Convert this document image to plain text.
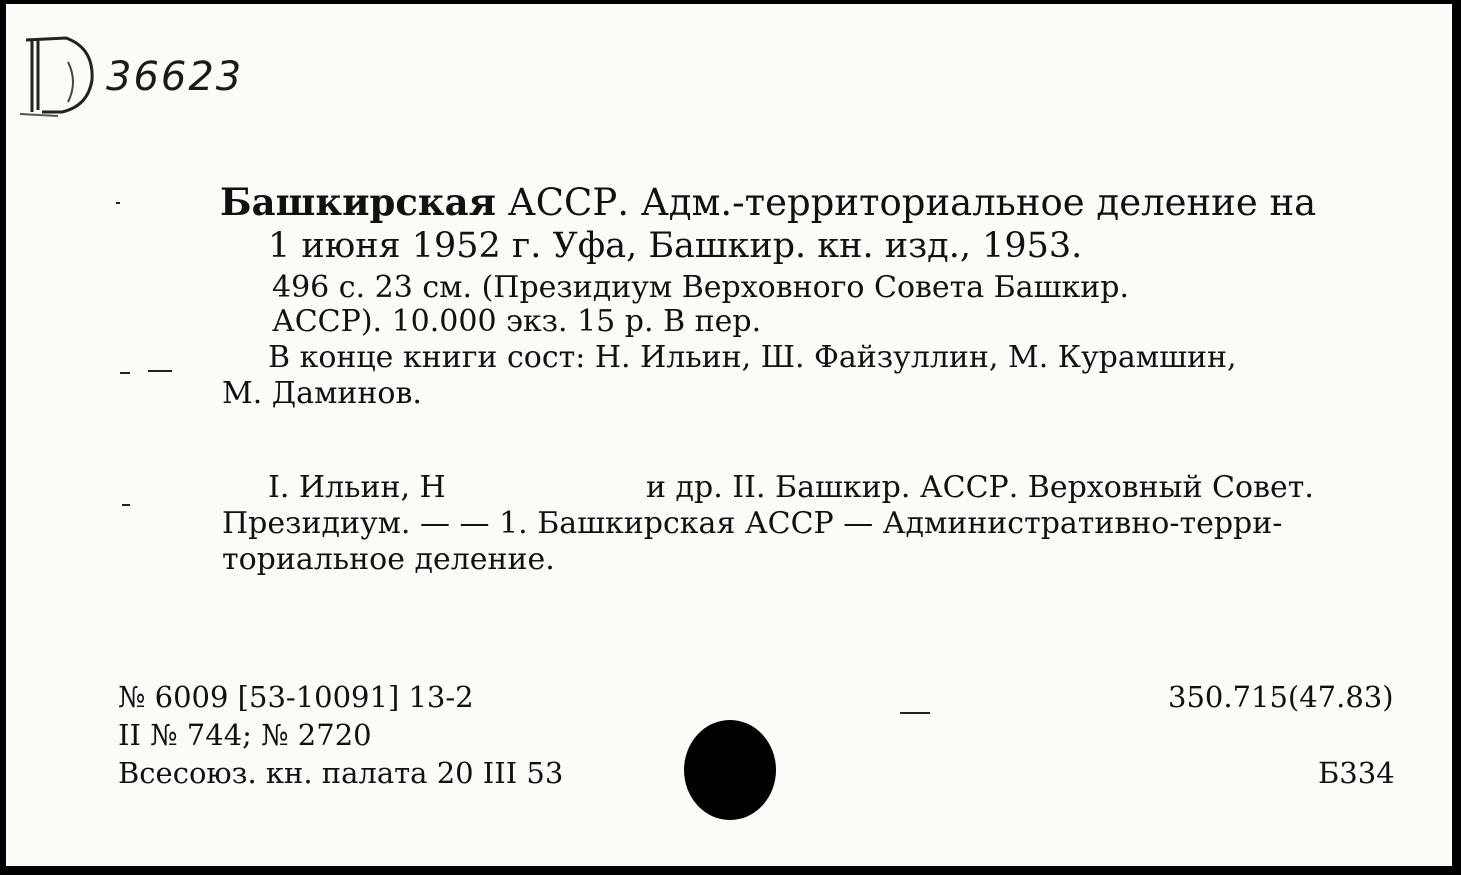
36623
Башкирская АССР. Адм.-территориальное деление на
1 июня 1952 г. Уфа, Башкир. кн. изд., 1953.
496 с. 23 см. (Президиум Верховного Совета Башкир.
АССР). 10.000 экз. 15 р. В пер.
В конце книги сост: Н. Ильин, Ш. Файзуллин, М. Курамшин,
М. Даминов.
I. Ильин, Н	и др. II. Башкир. АССР. Верховный Совет.
Президиум. — — 1. Башкирская АССР — Административно-терри-
ториальное деление.
№ 6009 [53-10091] 13-2
II № 744; № 2720
Всесоюз. кн. палата 20 III 53
350.715(47.83)
Б334
